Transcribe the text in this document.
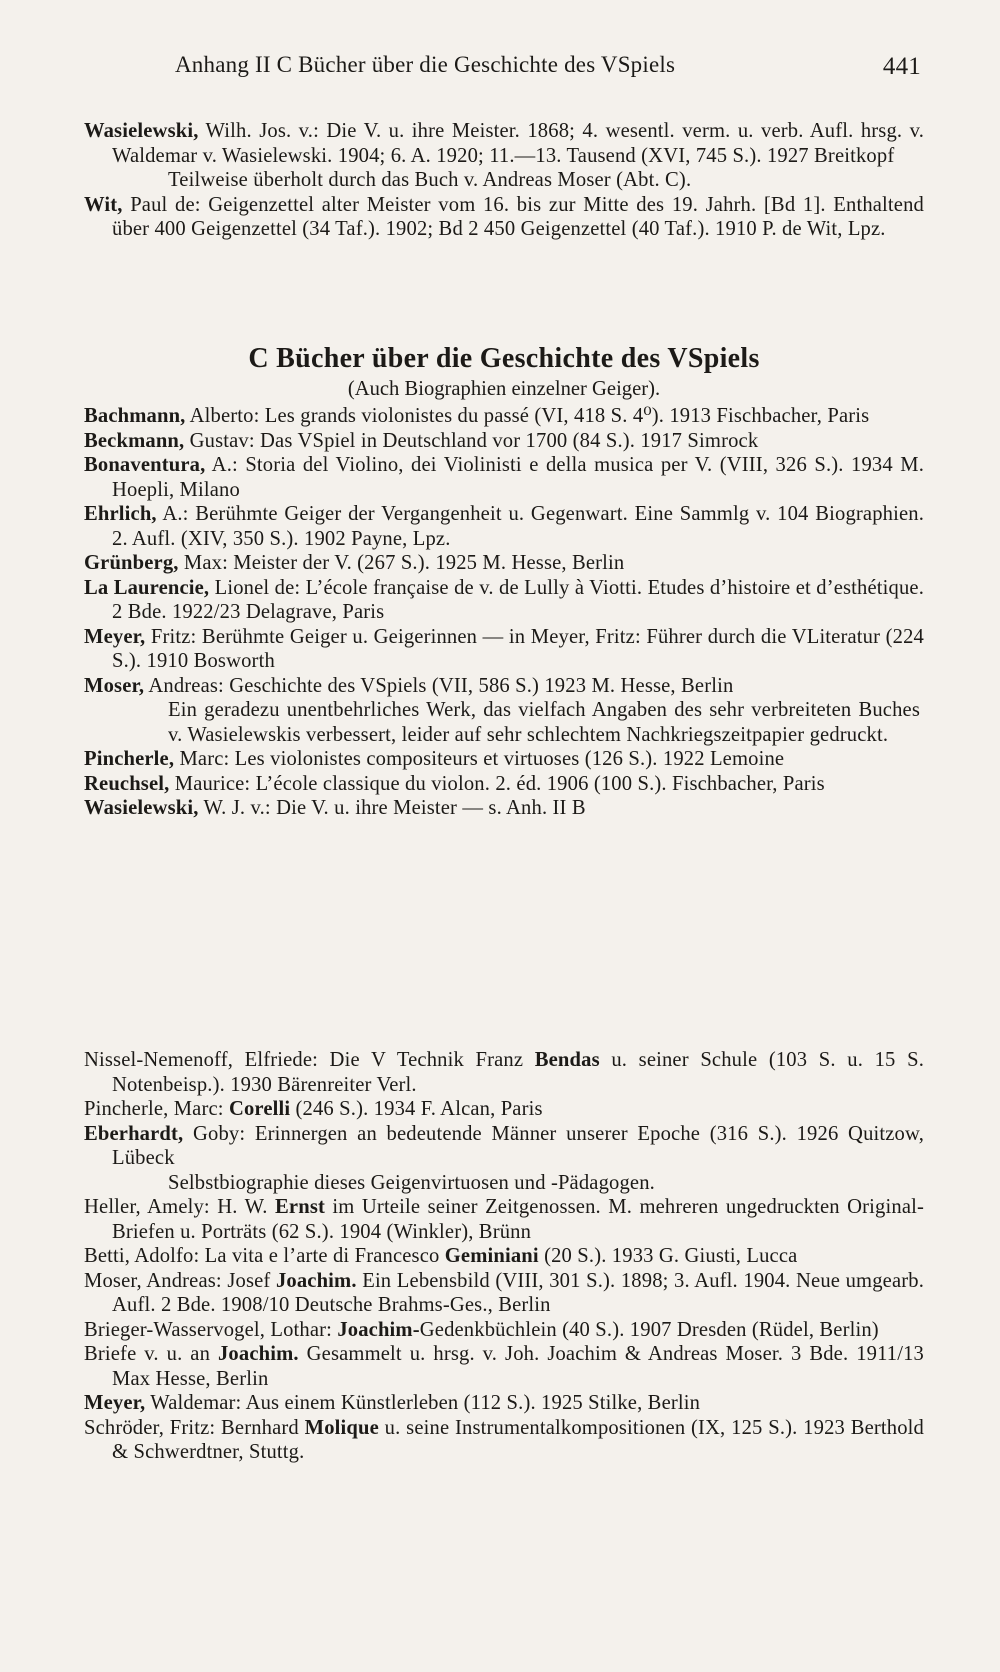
Anhang II C Bücher über die Geschichte des VSpiels	441
Wasielewski, Wilh. Jos. v.: Die V. u. ihre Meister. 1868; 4. wesentl. verm. u. verb. Aufl. hrsg. v. Waldemar v. Wasielewski. 1904; 6. A. 1920; 11.—13. Tausend (XVI, 745 S.). 1927 Breitkopf
Teilweise überholt durch das Buch v. Andreas Moser (Abt. C).
Wit, Paul de: Geigenzettel alter Meister vom 16. bis zur Mitte des 19. Jahrh. [Bd 1]. Enthaltend über 400 Geigenzettel (34 Taf.). 1902; Bd 2 450 Geigenzettel (40 Taf.). 1910 P. de Wit, Lpz.
C Bücher über die Geschichte des VSpiels
(Auch Biographien einzelner Geiger).
Bachmann, Alberto: Les grands violonistes du passé (VI, 418 S. 4⁰). 1913 Fischbacher, Paris
Beckmann, Gustav: Das VSpiel in Deutschland vor 1700 (84 S.). 1917 Simrock
Bonaventura, A.: Storia del Violino, dei Violinisti e della musica per V. (VIII, 326 S.). 1934 M. Hoepli, Milano
Ehrlich, A.: Berühmte Geiger der Vergangenheit u. Gegenwart. Eine Sammlg v. 104 Biographien. 2. Aufl. (XIV, 350 S.). 1902 Payne, Lpz.
Grünberg, Max: Meister der V. (267 S.). 1925 M. Hesse, Berlin
La Laurencie, Lionel de: L’école française de v. de Lully à Viotti. Etudes d’histoire et d’esthétique. 2 Bde. 1922/23 Delagrave, Paris
Meyer, Fritz: Berühmte Geiger u. Geigerinnen — in Meyer, Fritz: Führer durch die VLiteratur (224 S.). 1910 Bosworth
Moser, Andreas: Geschichte des VSpiels (VII, 586 S.) 1923 M. Hesse, Berlin
Ein geradezu unentbehrliches Werk, das vielfach Angaben des sehr verbreiteten Buches v. Wasielewskis verbessert, leider auf sehr schlechtem Nachkriegszeitpapier gedruckt.
Pincherle, Marc: Les violonistes compositeurs et virtuoses (126 S.). 1922 Lemoine
Reuchsel, Maurice: L’école classique du violon. 2. éd. 1906 (100 S.). Fischbacher, Paris
Wasielewski, W. J. v.: Die V. u. ihre Meister — s. Anh. II B
Nissel-Nemenoff, Elfriede: Die V Technik Franz Bendas u. seiner Schule (103 S. u. 15 S. Notenbeisp.). 1930 Bärenreiter Verl.
Pincherle, Marc: Corelli (246 S.). 1934 F. Alcan, Paris
Eberhardt, Goby: Erinnergen an bedeutende Männer unserer Epoche (316 S.). 1926 Quitzow, Lübeck
Selbstbiographie dieses Geigenvirtuosen und -Pädagogen.
Heller, Amely: H. W. Ernst im Urteile seiner Zeitgenossen. M. mehreren ungedruckten Original-Briefen u. Porträts (62 S.). 1904 (Winkler), Brünn
Betti, Adolfo: La vita e l’arte di Francesco Geminiani (20 S.). 1933 G. Giusti, Lucca
Moser, Andreas: Josef Joachim. Ein Lebensbild (VIII, 301 S.). 1898; 3. Aufl. 1904. Neue umgearb. Aufl. 2 Bde. 1908/10 Deutsche Brahms-Ges., Berlin
Brieger-Wasservogel, Lothar: Joachim-Gedenkbüchlein (40 S.). 1907 Dresden (Rüdel, Berlin)
Briefe v. u. an Joachim. Gesammelt u. hrsg. v. Joh. Joachim & Andreas Moser. 3 Bde. 1911/13 Max Hesse, Berlin
Meyer, Waldemar: Aus einem Künstlerleben (112 S.). 1925 Stilke, Berlin
Schröder, Fritz: Bernhard Molique u. seine Instrumentalkompositionen (IX, 125 S.). 1923 Berthold & Schwerdtner, Stuttg.
